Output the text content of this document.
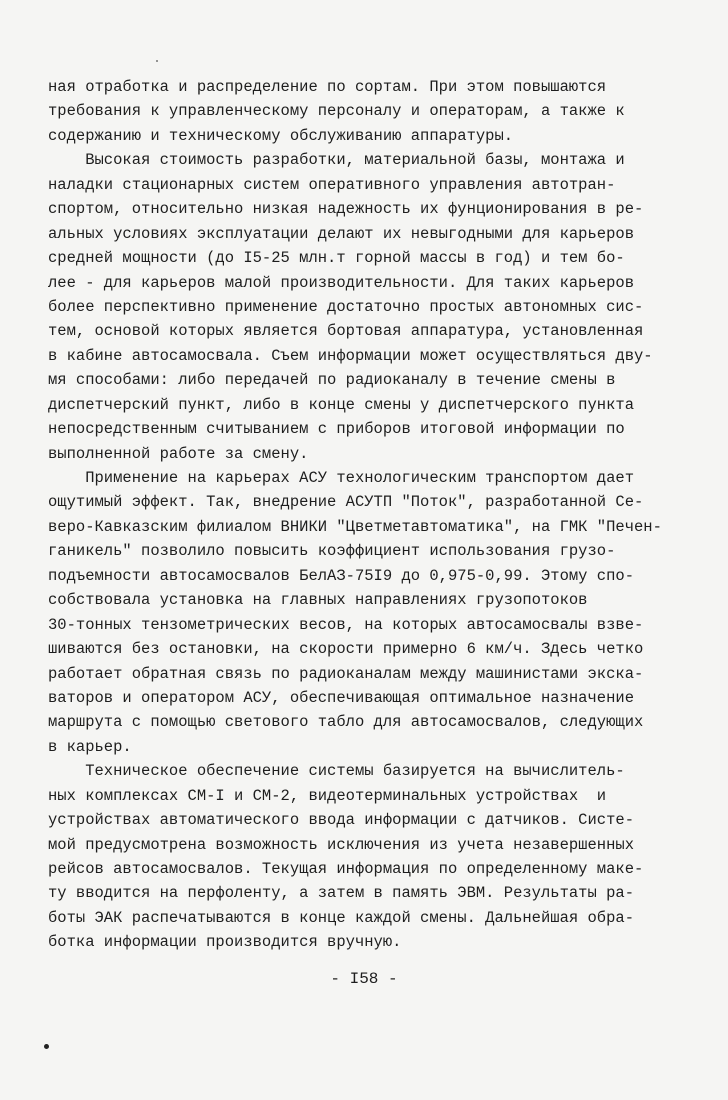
ная отработка и распределение по сортам. При этом повышаются
требования к управленческому персоналу и операторам, а также к
содержанию и техническому обслуживанию аппаратуры.
Высокая стоимость разработки, материальной базы, монтажа и
наладки стационарных систем оперативного управления автотран-
спортом, относительно низкая надежность их фунционирования в ре-
альных условиях эксплуатации делают их невыгодными для карьеров
средней мощности (до I5-25 млн.т горной массы в год) и тем бо-
лее - для карьеров малой производительности. Для таких карьеров
более перспективно применение достаточно простых автономных сис-
тем, основой которых является бортовая аппаратура, установленная
в кабине автосамосвала. Съем информации может осуществляться дву-
мя способами: либо передачей по радиоканалу в течение смены в
диспетчерский пункт, либо в конце смены у диспетчерского пункта
непосредственным считыванием с приборов итоговой информации по
выполненной работе за смену.
Применение на карьерах АСУ технологическим транспортом дает
ощутимый эффект. Так, внедрение АСУТП "Поток", разработанной Се-
веро-Кавказским филиалом ВНИКИ "Цветметавтоматика", на ГМК "Печен-
ганикель" позволило повысить коэффициент использования грузо-
подъемности автосамосвалов БелАЗ-75I9 до 0,975-0,99. Этому спо-
собствовала установка на главных направлениях грузопотоков
30-тонных тензометрических весов, на которых автосамосвалы взве-
шиваются без остановки, на скорости примерно 6 км/ч. Здесь четко
работает обратная связь по радиоканалам между машинистами экска-
ваторов и оператором АСУ, обеспечивающая оптимальное назначение
маршрута с помощью светового табло для автосамосвалов, следующих
в карьер.
Техническое обеспечение системы базируется на вычислитель-
ных комплексах СМ-I и СМ-2, видеотерминальных устройствах  и
устройствах автоматического ввода информации с датчиков. Систе-
мой предусмотрена возможность исключения из учета незавершенных
рейсов автосамосвалов. Текущая информация по определенному макe-
ту вводится на перфоленту, а затем в память ЭВМ. Результаты ра-
боты ЭАК распечатываются в конце каждой смены. Дальнейшая обра-
ботка информации производится вручную.
- I58 -
